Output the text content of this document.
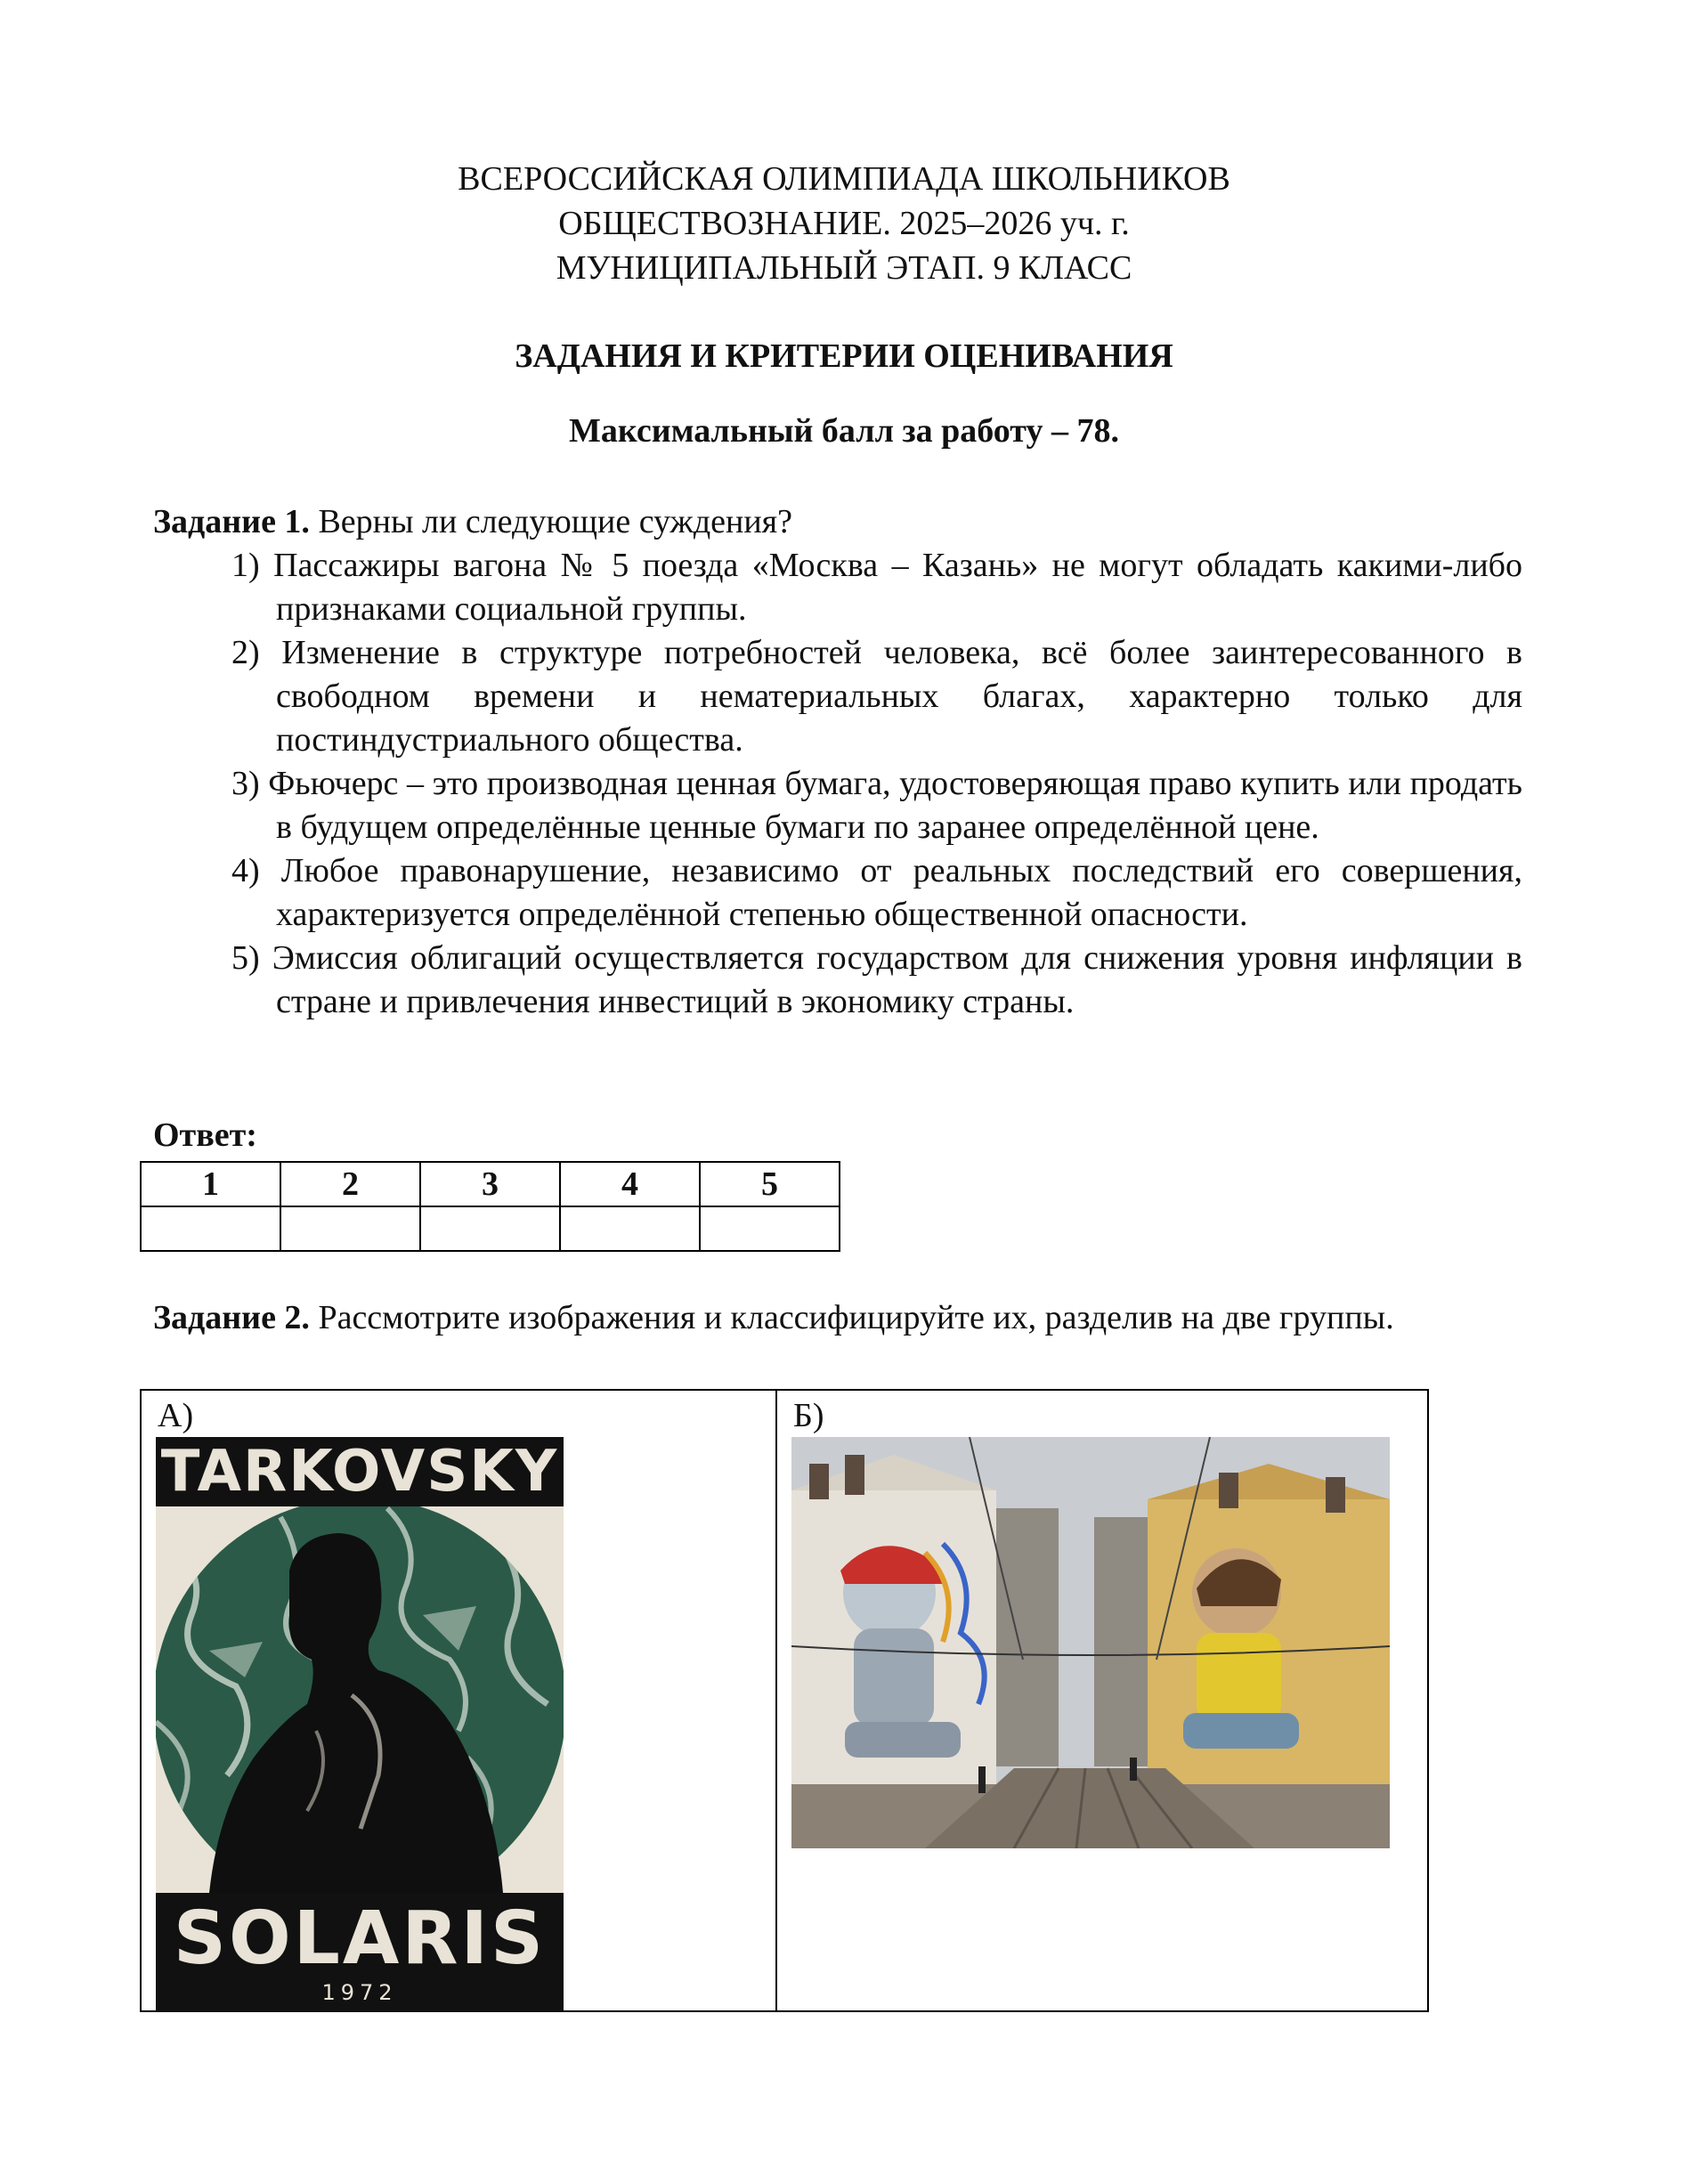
ВСЕРОССИЙСКАЯ ОЛИМПИАДА ШКОЛЬНИКОВ
ОБЩЕСТВОЗНАНИЕ. 2025–2026 уч. г.
МУНИЦИПАЛЬНЫЙ ЭТАП. 9 КЛАСС
ЗАДАНИЯ И КРИТЕРИИ ОЦЕНИВАНИЯ
Максимальный балл за работу – 78.
Задание 1. Верны ли следующие суждения?
1) Пассажиры вагона № 5 поезда «Москва – Казань» не могут обладать какими-либо признаками социальной группы.
2) Изменение в структуре потребностей человека, всё более заинтересованного в свободном времени и нематериальных благах, характерно только для постиндустриального общества.
3) Фьючерс – это производная ценная бумага, удостоверяющая право купить или продать в будущем определённые ценные бумаги по заранее определённой цене.
4) Любое правонарушение, независимо от реальных последствий его совершения, характеризуется определённой степенью общественной опасности.
5) Эмиссия облигаций осуществляется государством для снижения уровня инфляции в стране и привлечения инвестиций в экономику страны.
Ответ:
1	2	3	4	5

Задание 2. Рассмотрите изображения и классифицируйте их, разделив на две группы.
А)
TARKOVSKY
SOLARIS
1972

Б)
